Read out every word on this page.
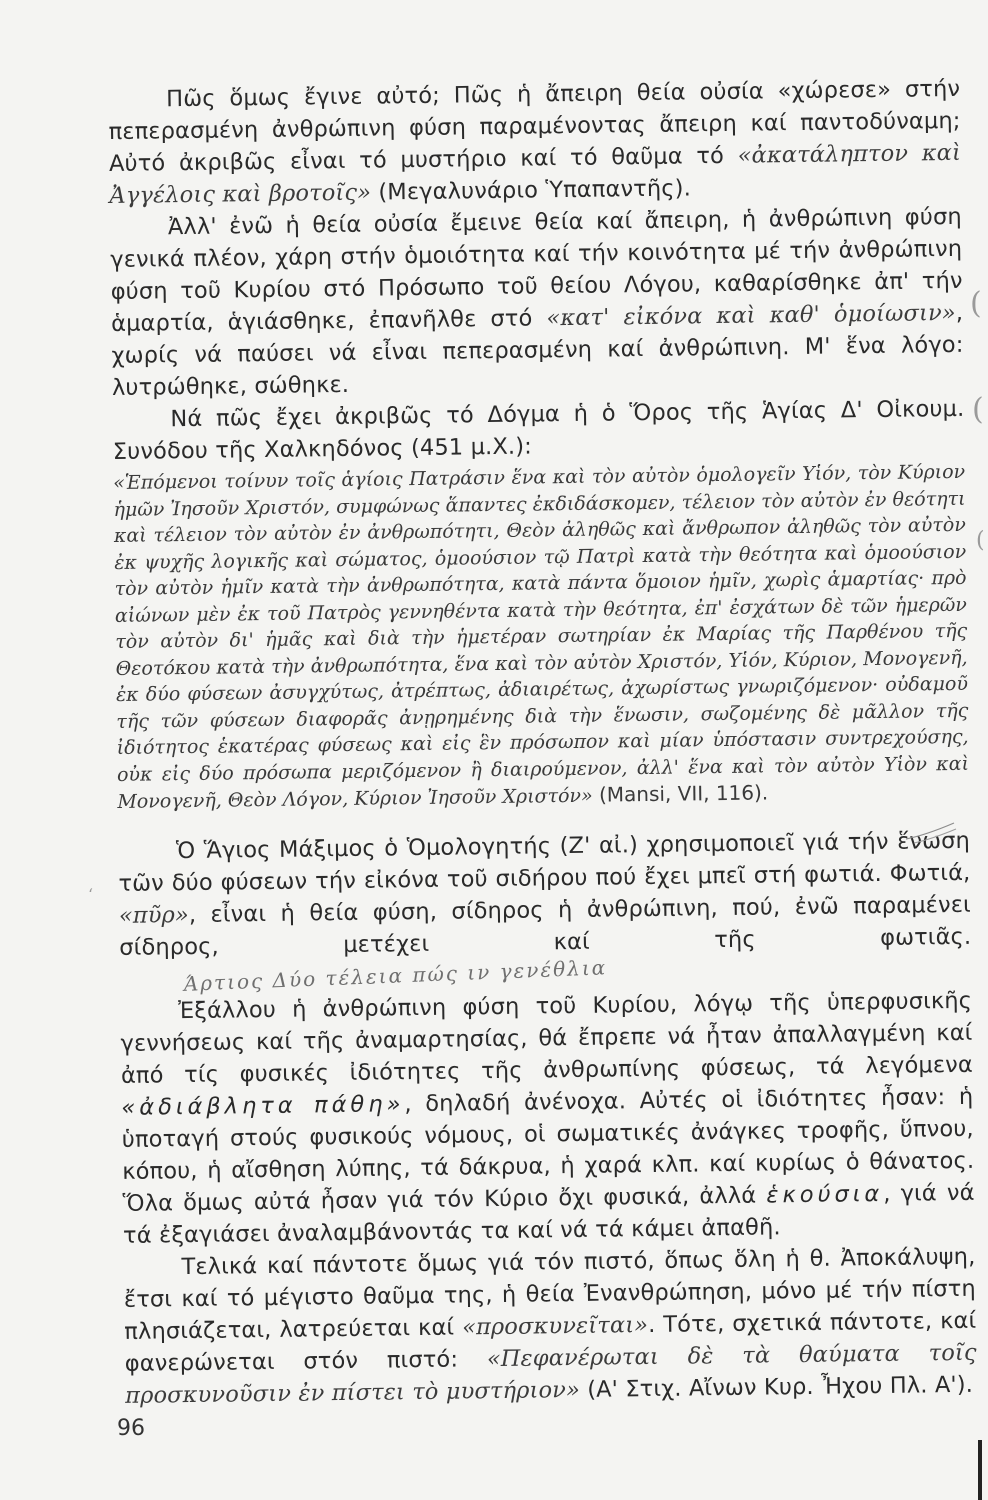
Πῶς ὅμως ἔγινε αὐτό; Πῶς ἡ ἄπειρη θεία οὐσία «χώρεσε» στήν πεπερασμένη ἀνθρώπινη φύση παραμένοντας ἄπειρη καί παντοδύναμη; Αὐτό ἀκριβῶς εἶναι τό μυστήριο καί τό θαῦμα τό «ἀκατάληπτον καὶ Ἀγγέλοις καὶ βροτοῖς» (Μεγαλυνάριο Ὑπαπαντῆς).

Ἀλλ' ἐνῶ ἡ θεία οὐσία ἔμεινε θεία καί ἄπειρη, ἡ ἀνθρώπινη φύση γενικά πλέον, χάρη στήν ὁμοιότητα καί τήν κοινότητα μέ τήν ἀνθρώπινη φύση τοῦ Κυρίου στό Πρόσωπο τοῦ θείου Λόγου, καθαρίσθηκε ἀπ' τήν ἁμαρτία, ἁγιάσθηκε, ἐπανῆλθε στό «κατ' εἰκόνα καὶ καθ' ὁμοίωσιν», χωρίς νά παύσει νά εἶναι πεπερασμένη καί ἀνθρώπινη. Μ' ἕνα λόγο: λυτρώθηκε, σώθηκε.

Νά πῶς ἔχει ἀκριβῶς τό Δόγμα ἡ ὁ Ὅρος τῆς Ἁγίας Δ' Οἰκουμ. Συνόδου τῆς Χαλκηδόνος (451 μ.Χ.):

«Ἑπόμενοι τοίνυν τοῖς ἁγίοις Πατράσιν ἕνα καὶ τὸν αὐτὸν ὁμολογεῖν Υἱόν, τὸν Κύριον ἡμῶν Ἰησοῦν Χριστόν, συμφώνως ἅπαντες ἐκδιδάσκομεν, τέλειον τὸν αὐτὸν ἐν θεότητι καὶ τέλειον τὸν αὐτὸν ἐν ἀνθρωπότητι, Θεὸν ἀληθῶς καὶ ἄνθρωπον ἀληθῶς τὸν αὐτὸν ἐκ ψυχῆς λογικῆς καὶ σώματος, ὁμοούσιον τῷ Πατρὶ κατὰ τὴν θεότητα καὶ ὁμοούσιον τὸν αὐτὸν ἡμῖν κατὰ τὴν ἀνθρωπότητα, κατὰ πάντα ὅμοιον ἡμῖν, χωρὶς ἁμαρτίας· πρὸ αἰώνων μὲν ἐκ τοῦ Πατρὸς γεννηθέντα κατὰ τὴν θεότητα, ἐπ' ἐσχάτων δὲ τῶν ἡμερῶν τὸν αὐτὸν δι' ἡμᾶς καὶ διὰ τὴν ἡμετέραν σωτηρίαν ἐκ Μαρίας τῆς Παρθένου τῆς Θεοτόκου κατὰ τὴν ἀνθρωπότητα, ἕνα καὶ τὸν αὐτὸν Χριστόν, Υἱόν, Κύριον, Μονογενῆ, ἐκ δύο φύσεων ἀσυγχύτως, ἀτρέπτως, ἀδιαιρέτως, ἀχωρίστως γνωριζόμενον· οὐδαμοῦ τῆς τῶν φύσεων διαφορᾶς ἀνῃρημένης διὰ τὴν ἕνωσιν, σωζομένης δὲ μᾶλλον τῆς ἰδιότητος ἑκατέρας φύσεως καὶ εἰς ἓν πρόσωπον καὶ μίαν ὑπόστασιν συντρεχούσης, οὐκ εἰς δύο πρόσωπα μεριζόμενον ἢ διαιρούμενον, ἀλλ' ἕνα καὶ τὸν αὐτὸν Υἱὸν καὶ Μονογενῆ, Θεὸν Λόγον, Κύριον Ἰησοῦν Χριστόν» (Mansi, VII, 116).

Ὁ Ἅγιος Μάξιμος ὁ Ὁμολογητής (Ζ' αἰ.) χρησιμοποιεῖ γιά τήν ἕνωση τῶν δύο φύσεων τήν εἰκόνα τοῦ σιδήρου πού ἔχει μπεῖ στή φωτιά. Φωτιά, «πῦρ», εἶναι ἡ θεία φύση, σίδηρος ἡ ἀνθρώπινη, πού, ἐνῶ παραμένει σίδηρος, μετέχει καί τῆς φωτιᾶς.Άρτιος Δύο τέλεια πώς ιν γενέθλια

Ἐξάλλου ἡ ἀνθρώπινη φύση τοῦ Κυρίου, λόγῳ τῆς ὑπερφυσικῆς γεννήσεως καί τῆς ἀναμαρτησίας, θά ἔπρεπε νά ἦταν ἀπαλλαγμένη καί ἀπό τίς φυσικές ἰδιότητες τῆς ἀνθρωπίνης φύσεως, τά λεγόμενα «ἀδιάβλητα πάθη», δηλαδή ἀνένοχα. Αὐτές οἱ ἰδιότητες ἦσαν: ἡ ὑποταγή στούς φυσικούς νόμους, οἱ σωματικές ἀνάγκες τροφῆς, ὕπνου, κόπου, ἡ αἴσθηση λύπης, τά δάκρυα, ἡ χαρά κλπ. καί κυρίως ὁ θάνατος. Ὅλα ὅμως αὐτά ἦσαν γιά τόν Κύριο ὄχι φυσικά, ἀλλά ἑκούσια, γιά νά τά ἐξαγιάσει ἀναλαμβάνοντάς τα καί νά τά κάμει ἀπαθῆ.

Τελικά καί πάντοτε ὅμως γιά τόν πιστό, ὅπως ὅλη ἡ θ. Ἀποκάλυψη, ἔτσι καί τό μέγιστο θαῦμα της, ἡ θεία Ἐνανθρώπηση, μόνο μέ τήν πίστη πλησιάζεται, λατρεύεται καί «προσκυνεῖται». Τότε, σχετικά πάντοτε, καί φανερώνεται στόν πιστό: «Πεφανέρωται δὲ τὰ θαύματα τοῖς προσκυνοῦσιν ἐν πίστει τὸ μυστήριον» (Α' Στιχ. Αἴνων Κυρ. Ἦχου Πλ. Α').

(
(
(
‘
96
